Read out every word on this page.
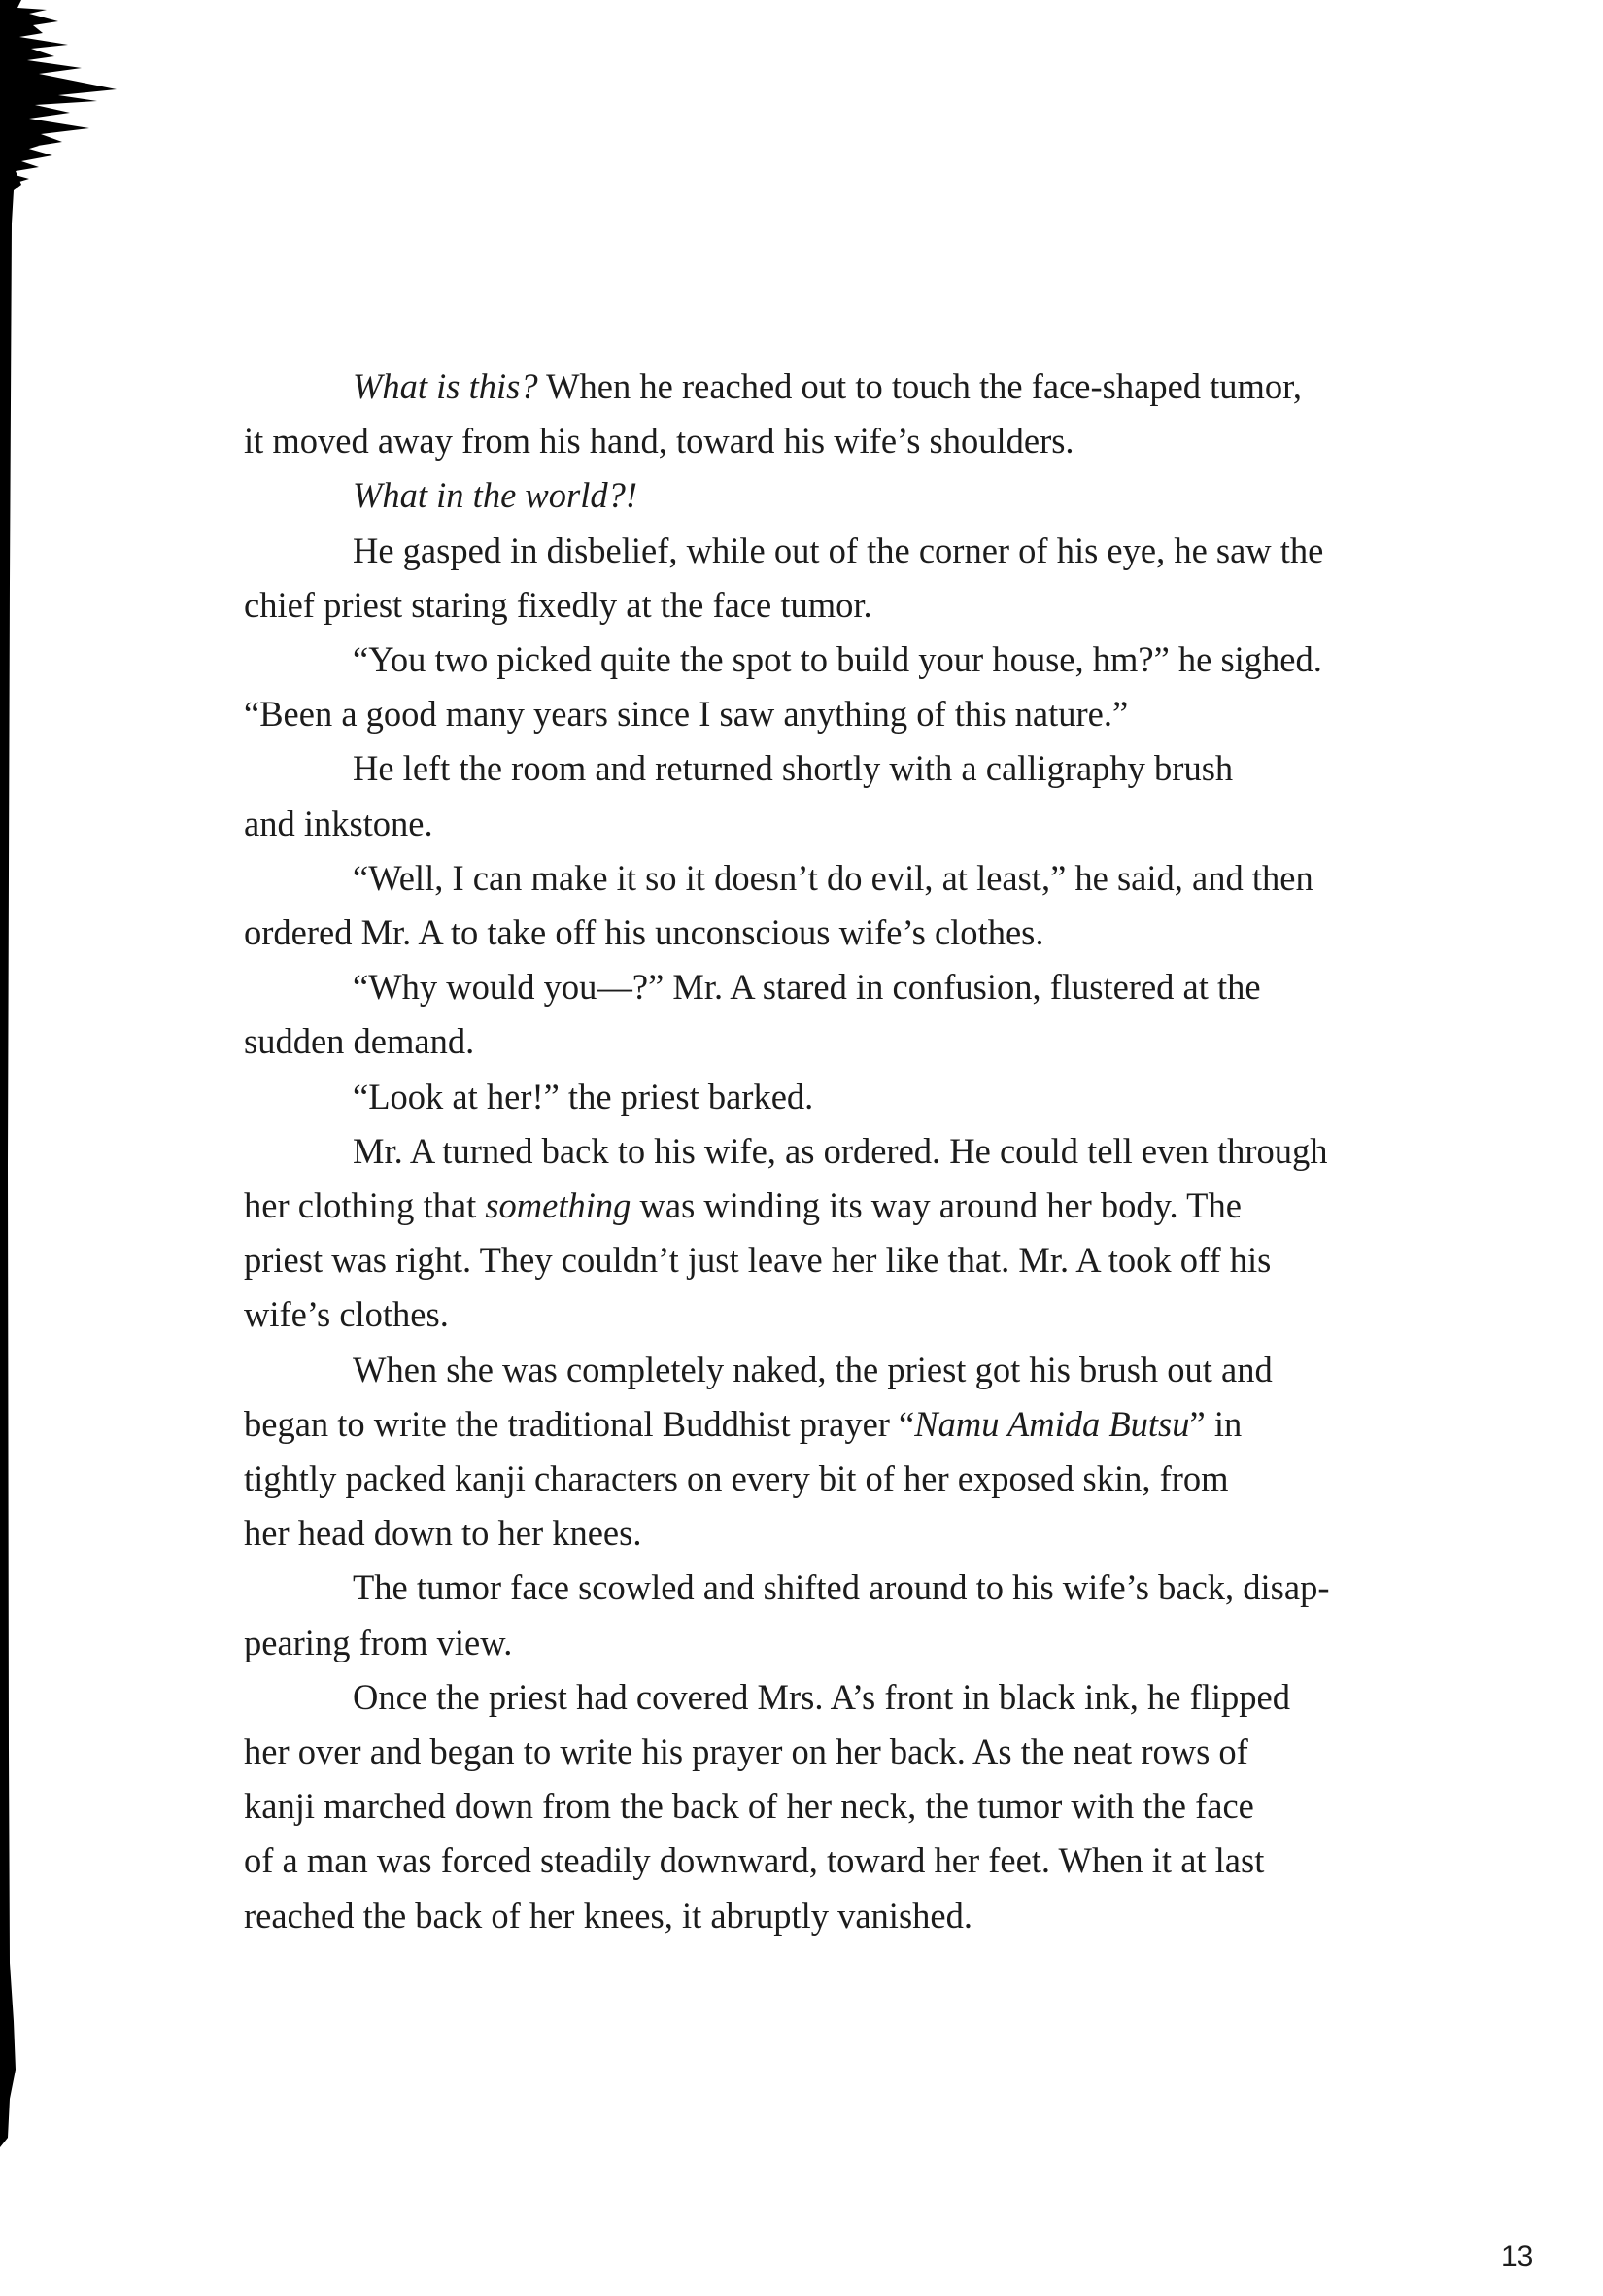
What is this? When he reached out to touch the face-shaped tumor,
it moved away from his hand, toward his wife’s shoulders.

What in the world?!

He gasped in disbelief, while out of the corner of his eye, he saw the
chief priest staring fixedly at the face tumor.

“You two picked quite the spot to build your house, hm?” he sighed.
“Been a good many years since I saw anything of this nature.”

He left the room and returned shortly with a calligraphy brush
and inkstone.

“Well, I can make it so it doesn’t do evil, at least,” he said, and then
ordered Mr. A to take off his unconscious wife’s clothes.

“Why would you—?” Mr. A stared in confusion, flustered at the
sudden demand.

“Look at her!” the priest barked.

Mr. A turned back to his wife, as ordered. He could tell even through
her clothing that something was winding its way around her body. The
priest was right. They couldn’t just leave her like that. Mr. A took off his
wife’s clothes.

When she was completely naked, the priest got his brush out and
began to write the traditional Buddhist prayer “Namu Amida Butsu” in
tightly packed kanji characters on every bit of her exposed skin, from
her head down to her knees.

The tumor face scowled and shifted around to his wife’s back, disap-
pearing from view.

Once the priest had covered Mrs. A’s front in black ink, he flipped
her over and began to write his prayer on her back. As the neat rows of
kanji marched down from the back of her neck, the tumor with the face
of a man was forced steadily downward, toward her feet. When it at last
reached the back of her knees, it abruptly vanished.

13
